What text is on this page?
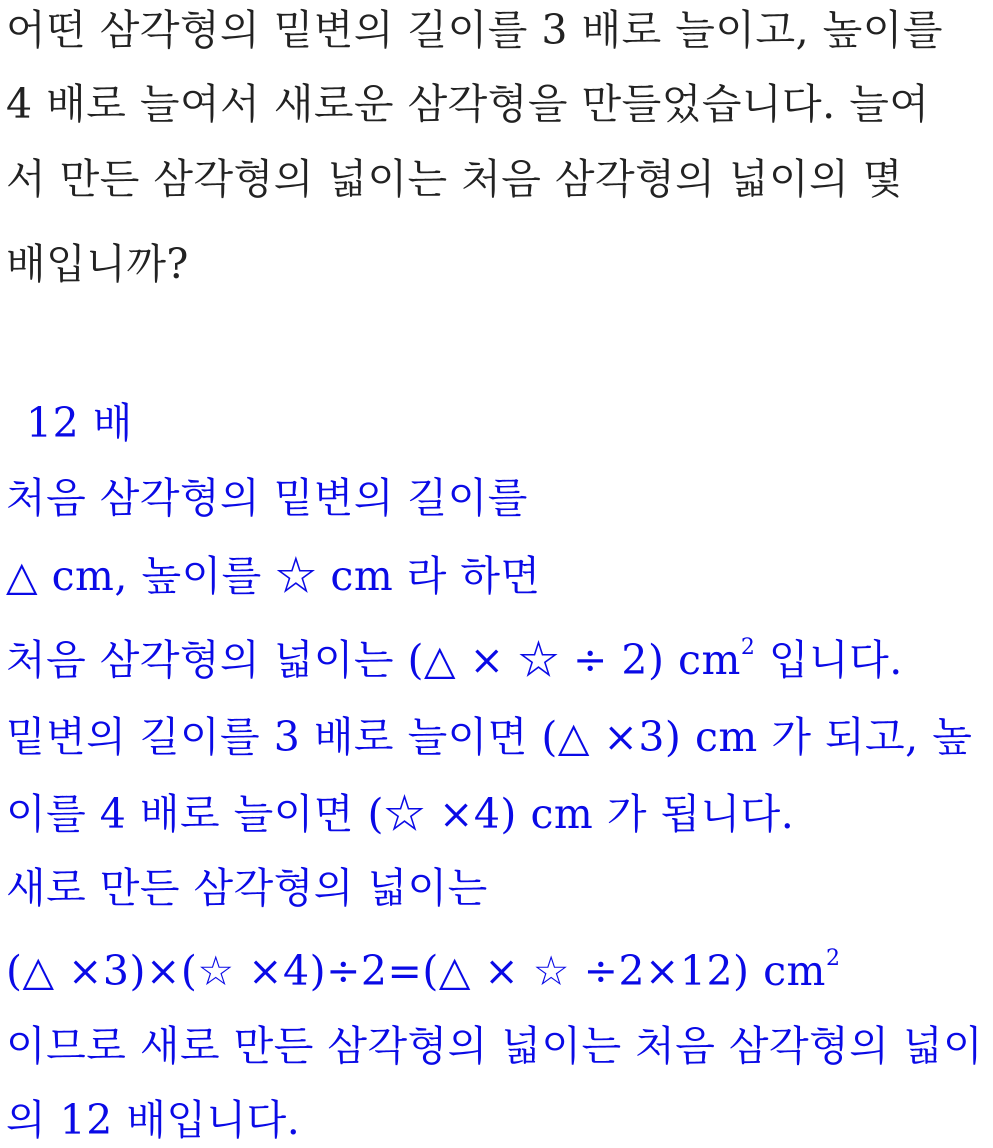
어떤 삼각형의 밑변의 길이를 3 배로 늘이고, 높이를
4 배로 늘여서 새로운 삼각형을 만들었습니다. 늘여
서 만든 삼각형의 넓이는 처음 삼각형의 넓이의 몇
배입니까?
12 배
처음 삼각형의 밑변의 길이를
△ cm, 높이를 ☆ cm 라 하면
처음 삼각형의 넓이는 (△ × ☆ ÷ 2) $cm^2$ 입니다.
밑변의 길이를 3 배로 늘이면 (△ ×3) cm 가 되고, 높
이를 4 배로 늘이면 (☆ ×4) cm 가 됩니다.
새로 만든 삼각형의 넓이는
(△ ×3)×(☆ ×4)÷2=(△ × ☆ ÷2×12) $cm^2$
이므로 새로 만든 삼각형의 넓이는 처음 삼각형의 넓이
의 12 배입니다.
